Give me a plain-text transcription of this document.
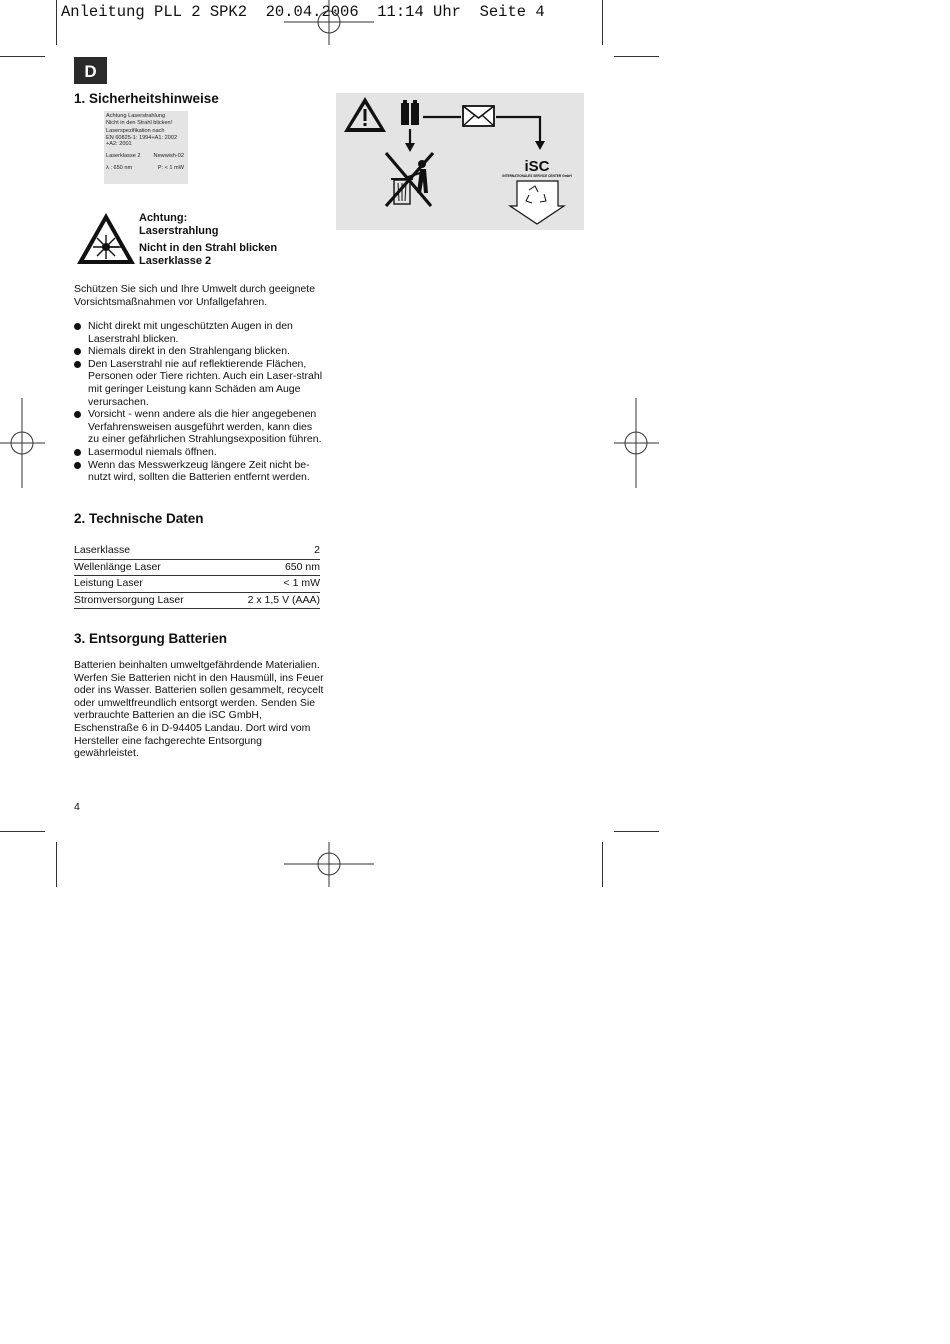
Anleitung PLL 2 SPK2  20.04.2006  11:14 Uhr  Seite 4
D
1. Sicherheitshinweise
Achtung Laserstrahlung
Nicht in den Strahl blicken!
Laserspezifikation nach
EN 60825-1: 1994+A1: 2002
+A2: 2001
Laserklasse 2 Newwish-02
λ : 650 nm	P: < 1 mW
Achtung:
Laserstrahlung
Nicht in den Strahl blicken
Laserklasse 2
Schützen Sie sich und Ihre Umwelt durch geeignete Vorsichtsmaßnahmen vor Unfallgefahren.
Nicht direkt mit ungeschützten Augen in den Laserstrahl blicken.
Niemals direkt in den Strahlengang blicken.
Den Laserstrahl nie auf reflektierende Flächen, Personen oder Tiere richten. Auch ein Laser-strahl mit geringer Leistung kann Schäden am Auge verursachen.
Vorsicht - wenn andere als die hier angegebenen Verfahrensweisen ausgeführt werden, kann dies zu einer gefährlichen Strahlungsexposition führen.
Lasermodul niemals öffnen.
Wenn das Messwerkzeug längere Zeit nicht be-nutzt wird, sollten die Batterien entfernt werden.
2. Technische Daten
Laserklasse	2
Wellenlänge Laser	650 nm
Leistung Laser	< 1 mW
Stromversorgung Laser	2 x 1,5 V (AAA)
3. Entsorgung Batterien
Batterien beinhalten umweltgefährdende Materialien. Werfen Sie Batterien nicht in den Hausmüll, ins Feuer oder ins Wasser. Batterien sollen gesammelt, recycelt oder umweltfreundlich entsorgt werden. Senden Sie verbrauchte Batterien an die iSC GmbH, Eschenstraße 6 in D-94405 Landau. Dort wird vom Hersteller eine fachgerechte Entsorgung gewährleistet.
4
iSC
INTERNATIONALES SERVICE CENTER GmbH
